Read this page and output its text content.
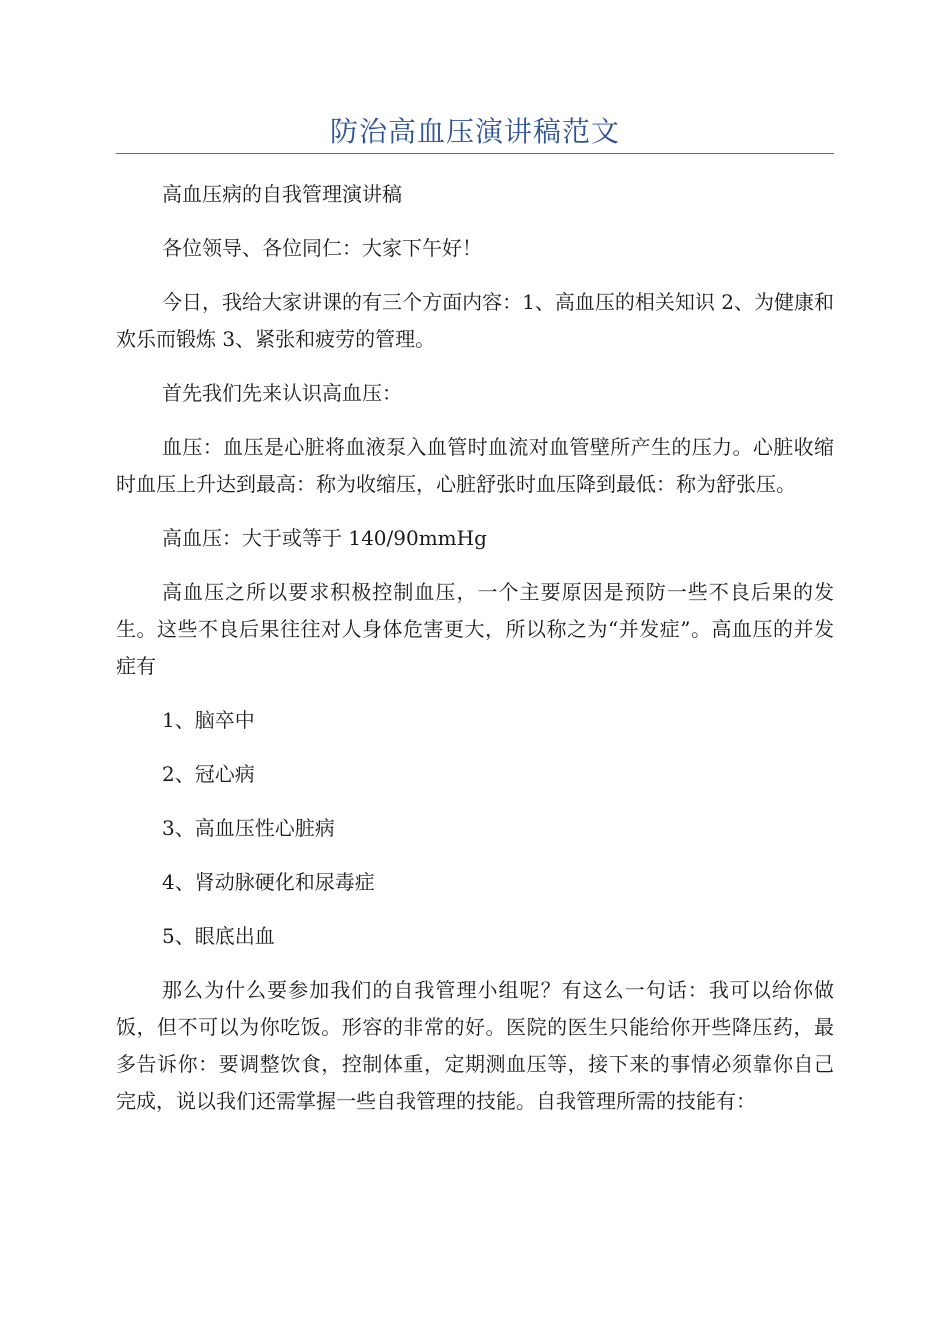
防治高血压演讲稿范文

高血压病的自我管理演讲稿

各位领导、各位同仁：大家下午好！

今日，我给大家讲课的有三个方面内容：1、高血压的相关知识 2、为健康和欢乐而锻炼 3、紧张和疲劳的管理。

首先我们先来认识高血压：

血压：血压是心脏将血液泵入血管时血流对血管壁所产生的压力。心脏收缩时血压上升达到最高：称为收缩压，心脏舒张时血压降到最低：称为舒张压。

高血压：大于或等于 140/90mmHg

高血压之所以要求积极控制血压，一个主要原因是预防一些不良后果的发生。这些不良后果往往对人身体危害更大，所以称之为“并发症”。高血压的并发症有

1、脑卒中

2、冠心病

3、高血压性心脏病

4、肾动脉硬化和尿毒症

5、眼底出血

那么为什么要参加我们的自我管理小组呢？有这么一句话：我可以给你做饭，但不可以为你吃饭。形容的非常的好。医院的医生只能给你开些降压药，最多告诉你：要调整饮食，控制体重，定期测血压等，接下来的事情必须靠你自己完成，说以我们还需掌握一些自我管理的技能。自我管理所需的技能有：
